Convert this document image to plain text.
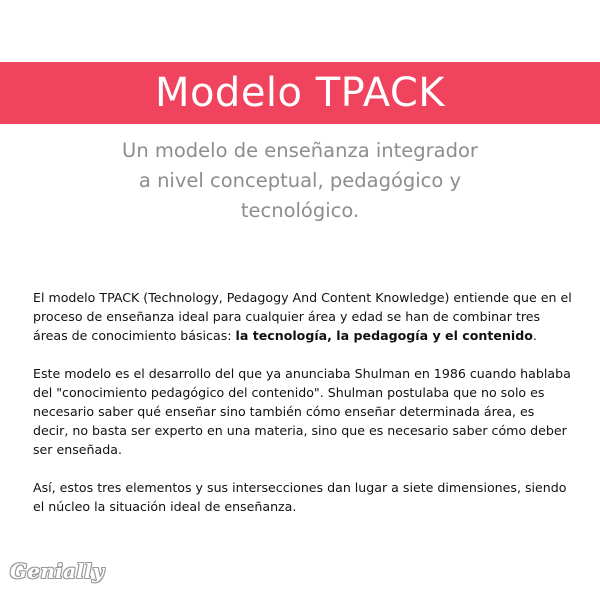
Modelo TPACK
Un modelo de enseñanza integrador
a nivel conceptual, pedagógico y
tecnológico.

El modelo TPACK (Technology, Pedagogy And Content Knowledge) entiende que en el proceso de enseñanza ideal para cualquier área y edad se han de combinar tres áreas de conocimiento básicas: la tecnología, la pedagogía y el contenido.

Este modelo es el desarrollo del que ya anunciaba Shulman en 1986 cuando hablaba del "conocimiento pedagógico del contenido". Shulman postulaba que no solo es necesario saber qué enseñar sino también cómo enseñar determinada área, es decir, no basta ser experto en una materia, sino que es necesario saber cómo deber ser enseñada.

Así, estos tres elementos y sus intersecciones dan lugar a siete dimensiones, siendo el núcleo la situación ideal de enseñanza.

Genially
